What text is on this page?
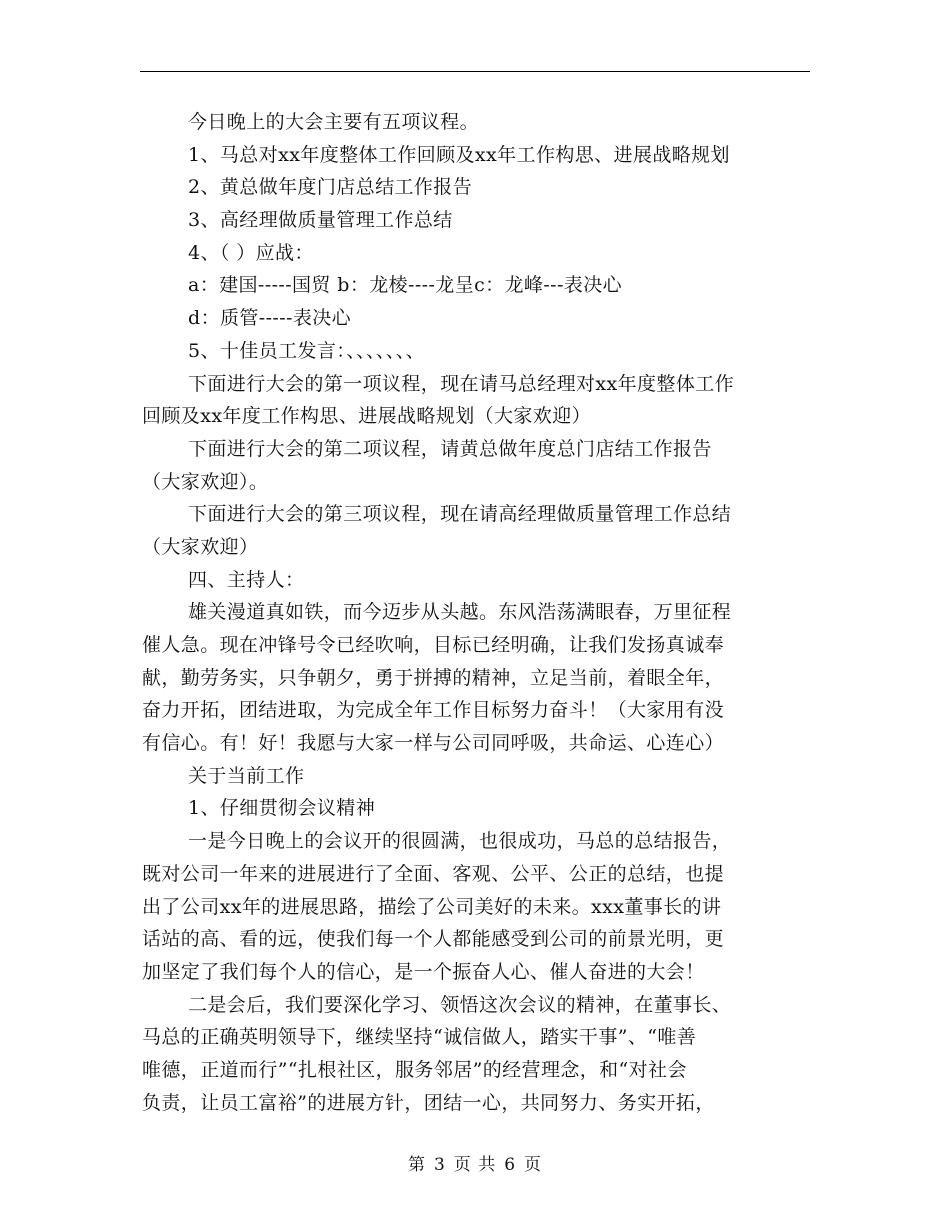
今日晚上的大会主要有五项议程。
1、马总对xx年度整体工作回顾及xx年工作构思、进展战略规划
2、黄总做年度门店总结工作报告
3、高经理做质量管理工作总结
4、（ ）应战：
a：建国-----国贸 b：龙棱----龙呈c：龙峰---表决心
d：质管-----表决心
5、十佳员工发言：、、、、、、、
下面进行大会的第一项议程，现在请马总经理对xx年度整体工作
回顾及xx年度工作构思、进展战略规划（大家欢迎）
下面进行大会的第二项议程，请黄总做年度总门店结工作报告
（大家欢迎）。
下面进行大会的第三项议程，现在请高经理做质量管理工作总结
（大家欢迎）
四、主持人：
雄关漫道真如铁，而今迈步从头越。东风浩荡满眼春，万里征程
催人急。现在冲锋号令已经吹响，目标已经明确，让我们发扬真诚奉
献，勤劳务实，只争朝夕，勇于拼搏的精神，立足当前，着眼全年，
奋力开拓，团结进取，为完成全年工作目标努力奋斗！（大家用有没
有信心。有！好！我愿与大家一样与公司同呼吸，共命运、心连心）
关于当前工作
1、仔细贯彻会议精神
一是今日晚上的会议开的很圆满，也很成功，马总的总结报告，
既对公司一年来的进展进行了全面、客观、公平、公正的总结，也提
出了公司xx年的进展思路，描绘了公司美好的未来。xxx董事长的讲
话站的高、看的远，使我们每一个人都能感受到公司的前景光明，更
加坚定了我们每个人的信心，是一个振奋人心、催人奋进的大会！
二是会后，我们要深化学习、领悟这次会议的精神，在董事长、
马总的正确英明领导下，继续坚持“诚信做人，踏实干事”、“唯善
唯德，正道而行”“扎根社区，服务邻居”的经营理念，和“对社会
负责，让员工富裕”的进展方针，团结一心，共同努力、务实开拓，
第 3 页 共 6 页
